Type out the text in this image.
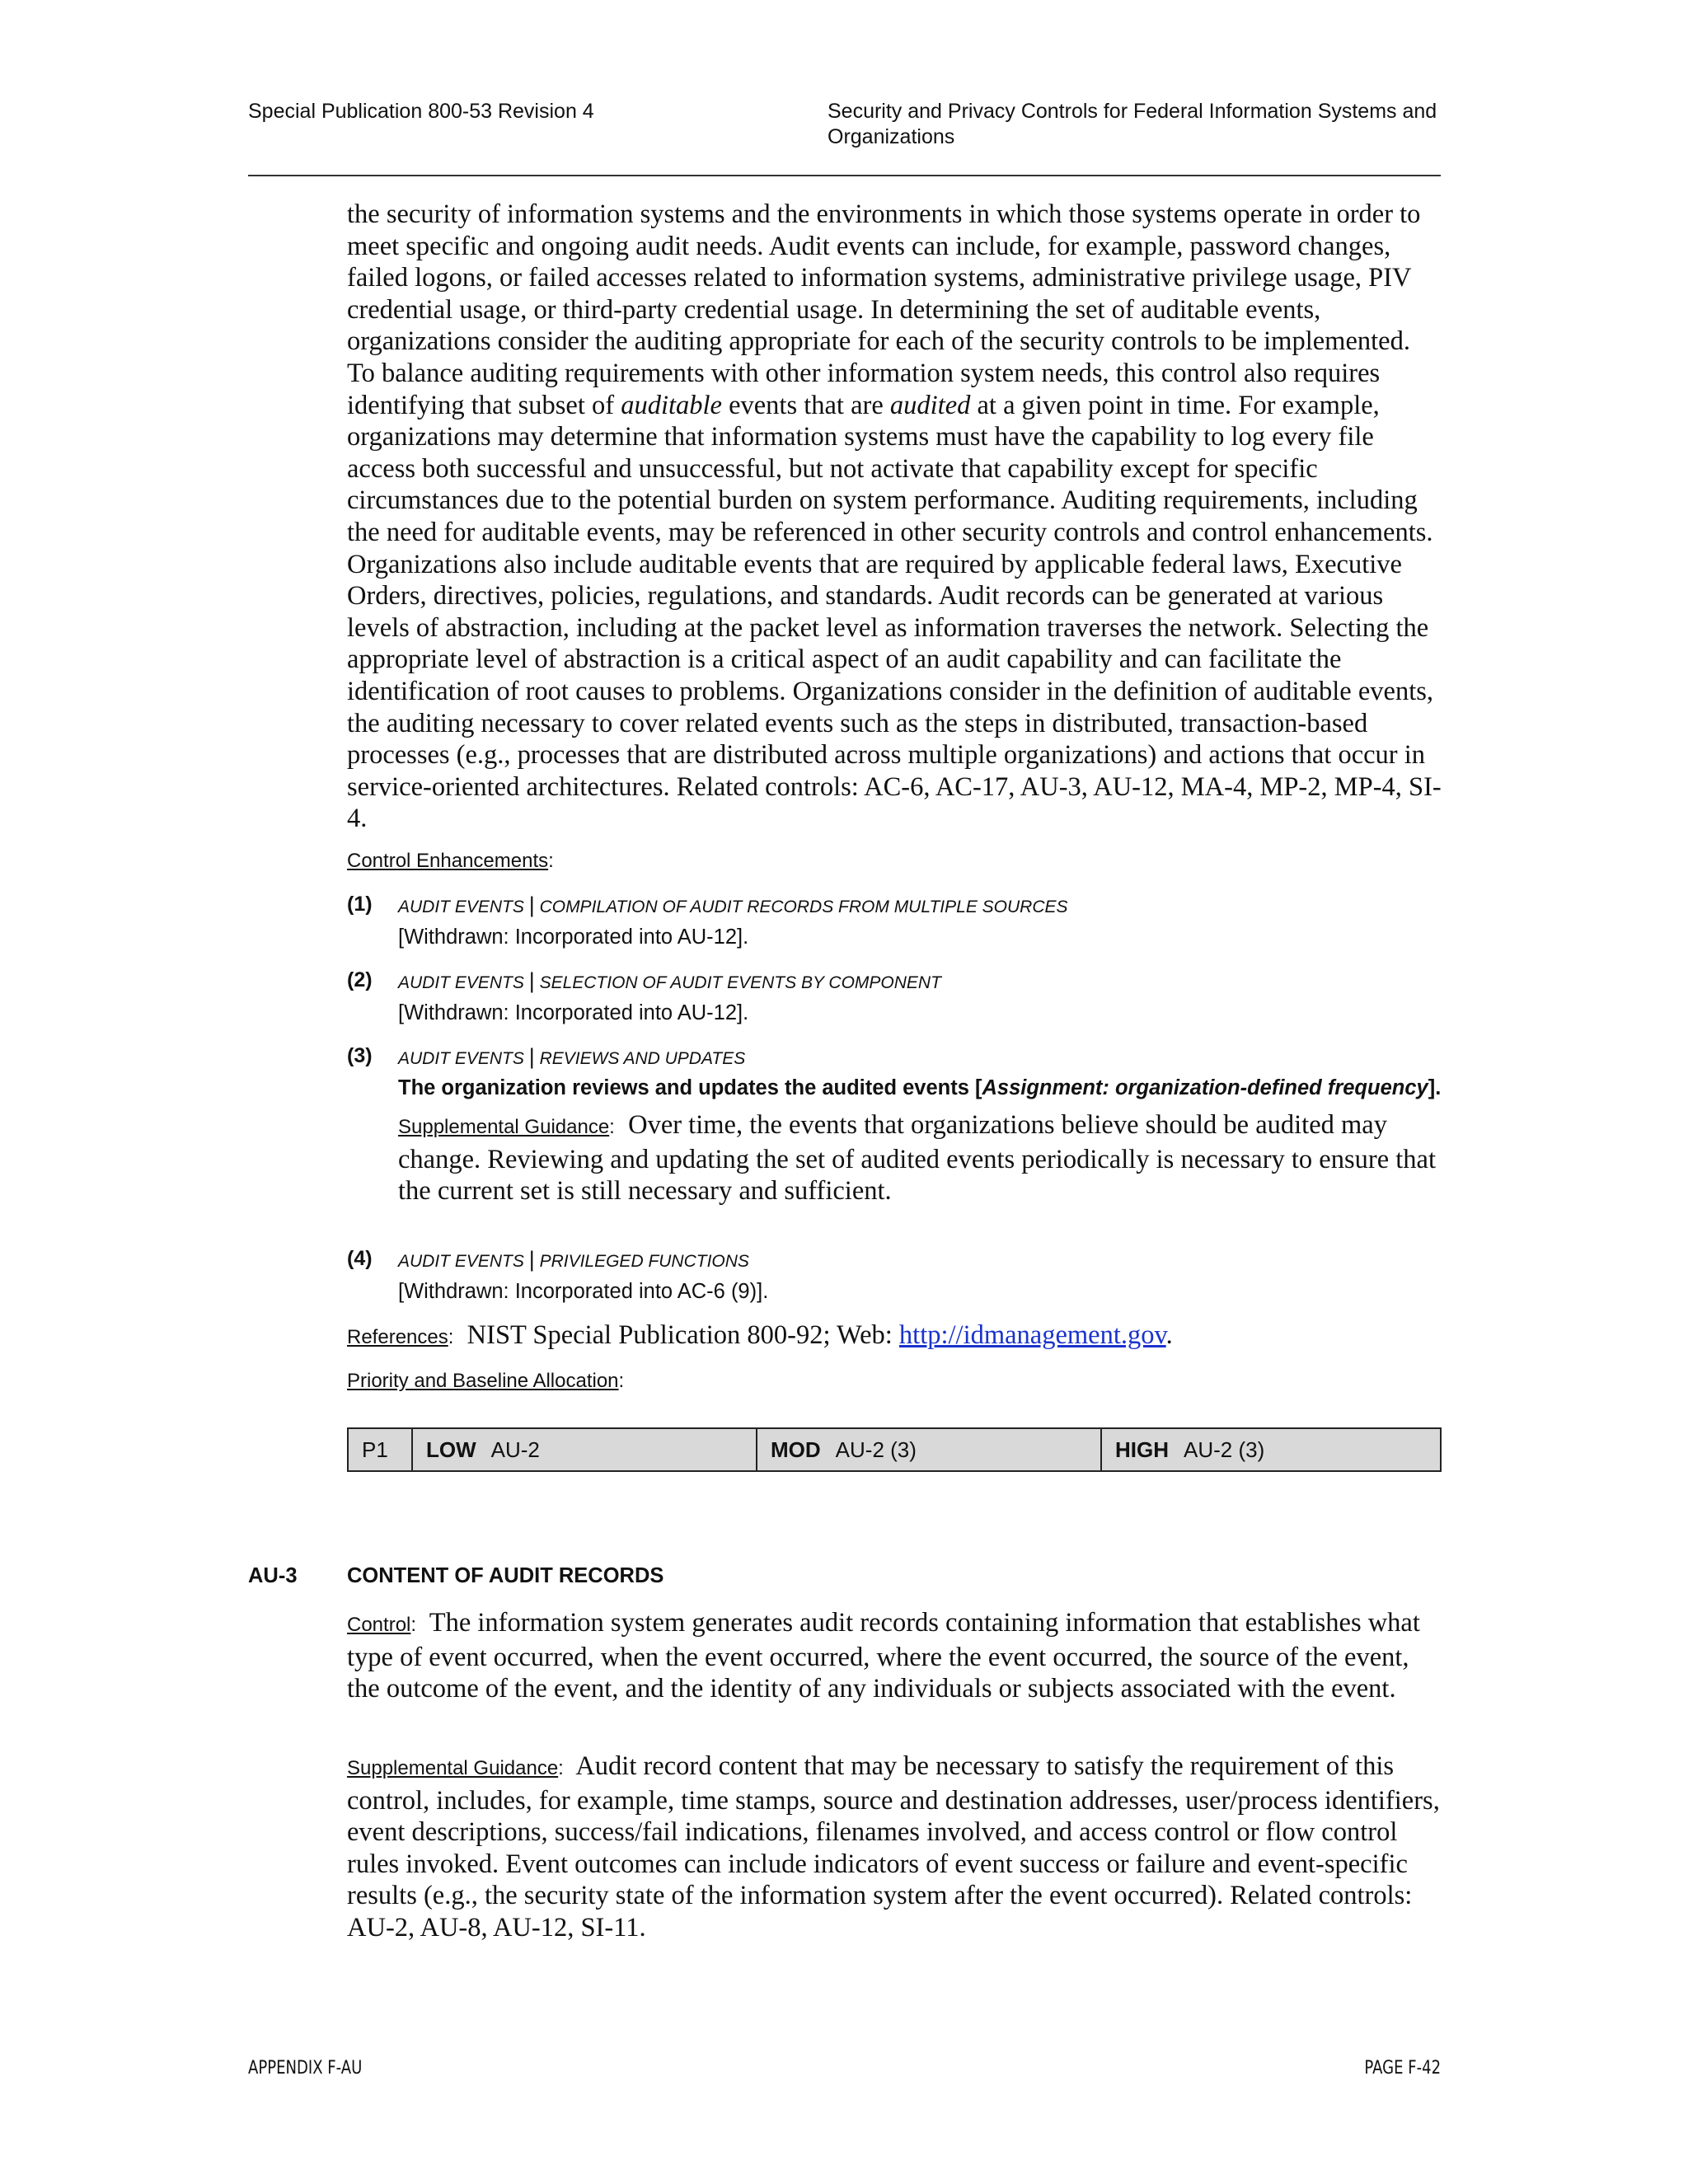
Special Publication 800-53 Revision 4	Security and Privacy Controls for Federal Information Systems and Organizations

the security of information systems and the environments in which those systems operate in order to meet specific and ongoing audit needs. Audit events can include, for example, password changes, failed logons, or failed accesses related to information systems, administrative privilege usage, PIV credential usage, or third-party credential usage. In determining the set of auditable events, organizations consider the auditing appropriate for each of the security controls to be implemented. To balance auditing requirements with other information system needs, this control also requires identifying that subset of auditable events that are audited at a given point in time. For example, organizations may determine that information systems must have the capability to log every file access both successful and unsuccessful, but not activate that capability except for specific circumstances due to the potential burden on system performance. Auditing requirements, including the need for auditable events, may be referenced in other security controls and control enhancements. Organizations also include auditable events that are required by applicable federal laws, Executive Orders, directives, policies, regulations, and standards. Audit records can be generated at various levels of abstraction, including at the packet level as information traverses the network. Selecting the appropriate level of abstraction is a critical aspect of an audit capability and can facilitate the identification of root causes to problems. Organizations consider in the definition of auditable events, the auditing necessary to cover related events such as the steps in distributed, transaction-based processes (e.g., processes that are distributed across multiple organizations) and actions that occur in service-oriented architectures. Related controls: AC-6, AC-17, AU-3, AU-12, MA-4, MP-2, MP-4, SI-4.

Control Enhancements:
(1) AUDIT EVENTS | COMPILATION OF AUDIT RECORDS FROM MULTIPLE SOURCES
[Withdrawn: Incorporated into AU-12].
(2) AUDIT EVENTS | SELECTION OF AUDIT EVENTS BY COMPONENT
[Withdrawn: Incorporated into AU-12].
(3) AUDIT EVENTS | REVIEWS AND UPDATES
The organization reviews and updates the audited events [Assignment: organization-defined frequency].
Supplemental Guidance: Over time, the events that organizations believe should be audited may change. Reviewing and updating the set of audited events periodically is necessary to ensure that the current set is still necessary and sufficient.
(4) AUDIT EVENTS | PRIVILEGED FUNCTIONS
[Withdrawn: Incorporated into AC-6 (9)].

References: NIST Special Publication 800-92; Web: http://idmanagement.gov.

Priority and Baseline Allocation:
P1	LOW AU-2	MOD AU-2 (3)	HIGH AU-2 (3)
AU-3 CONTENT OF AUDIT RECORDS

Control: The information system generates audit records containing information that establishes what type of event occurred, when the event occurred, where the event occurred, the source of the event, the outcome of the event, and the identity of any individuals or subjects associated with the event.

Supplemental Guidance: Audit record content that may be necessary to satisfy the requirement of this control, includes, for example, time stamps, source and destination addresses, user/process identifiers, event descriptions, success/fail indications, filenames involved, and access control or flow control rules invoked. Event outcomes can include indicators of event success or failure and event-specific results (e.g., the security state of the information system after the event occurred). Related controls: AU-2, AU-8, AU-12, SI-11.

APPENDIX F-AU	PAGE F-42
